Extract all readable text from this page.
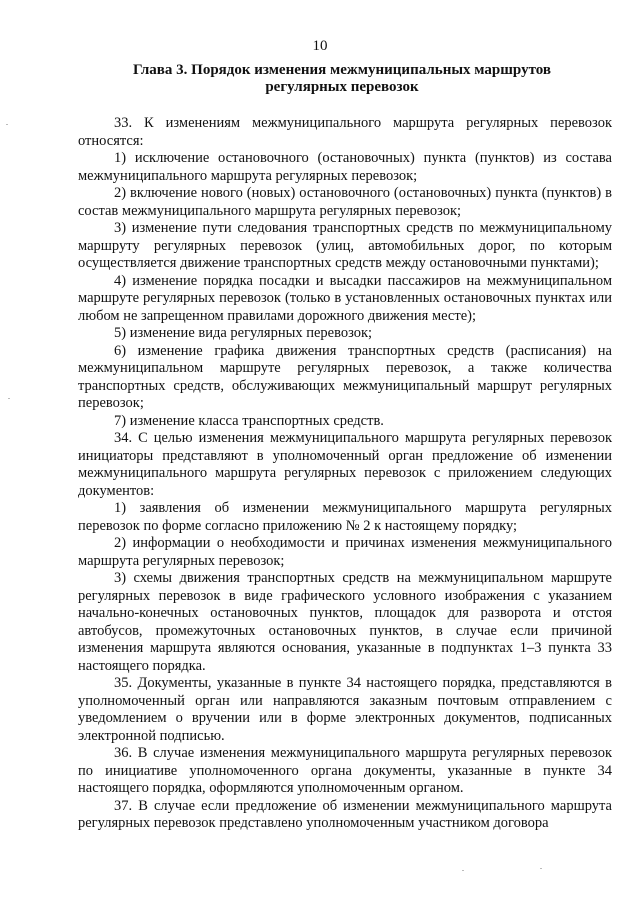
10
Глава 3. Порядок изменения межмуниципальных маршрутов
регулярных перевозок

33. К изменениям межмуниципального маршрута регулярных перевозок относятся:

1) исключение остановочного (остановочных) пункта (пунктов) из состава межмуниципального маршрута регулярных перевозок;

2) включение нового (новых) остановочного (остановочных) пункта (пунктов) в состав межмуниципального маршрута регулярных перевозок;

3) изменение пути следования транспортных средств по межмуниципальному маршруту регулярных перевозок (улиц, автомобильных дорог, по которым осуществляется движение транспортных средств между остановочными пунктами);

4) изменение порядка посадки и высадки пассажиров на межмуниципальном маршруте регулярных перевозок (только в установленных остановочных пунктах или любом не запрещенном правилами дорожного движения месте);

5) изменение вида регулярных перевозок;

6) изменение графика движения транспортных средств (расписания) на межмуниципальном маршруте регулярных перевозок, а также количества транспортных средств, обслуживающих межмуниципальный маршрут регулярных перевозок;

7) изменение класса транспортных средств.

34. С целью изменения межмуниципального маршрута регулярных перевозок инициаторы представляют в уполномоченный орган предложение об изменении межмуниципального маршрута регулярных перевозок с приложением следующих документов:

1) заявления об изменении межмуниципального маршрута регулярных перевозок по форме согласно приложению № 2 к настоящему порядку;

2) информации о необходимости и причинах изменения межмуниципального маршрута регулярных перевозок;

3) схемы движения транспортных средств на межмуниципальном маршруте регулярных перевозок в виде графического условного изображения с указанием начально-конечных остановочных пунктов, площадок для разворота и отстоя автобусов, промежуточных остановочных пунктов, в случае если причиной изменения маршрута являются основания, указанные в подпунктах 1–3 пункта 33 настоящего порядка.

35. Документы, указанные в пункте 34 настоящего порядка, представляются в уполномоченный орган или направляются заказным почтовым отправлением с уведомлением о вручении или в форме электронных документов, подписанных электронной подписью.

36. В случае изменения межмуниципального маршрута регулярных перевозок по инициативе уполномоченного органа документы, указанные в пункте 34 настоящего порядка, оформляются уполномоченным органом.

37. В случае если предложение об изменении межмуниципального маршрута регулярных перевозок представлено уполномоченным участником договора
